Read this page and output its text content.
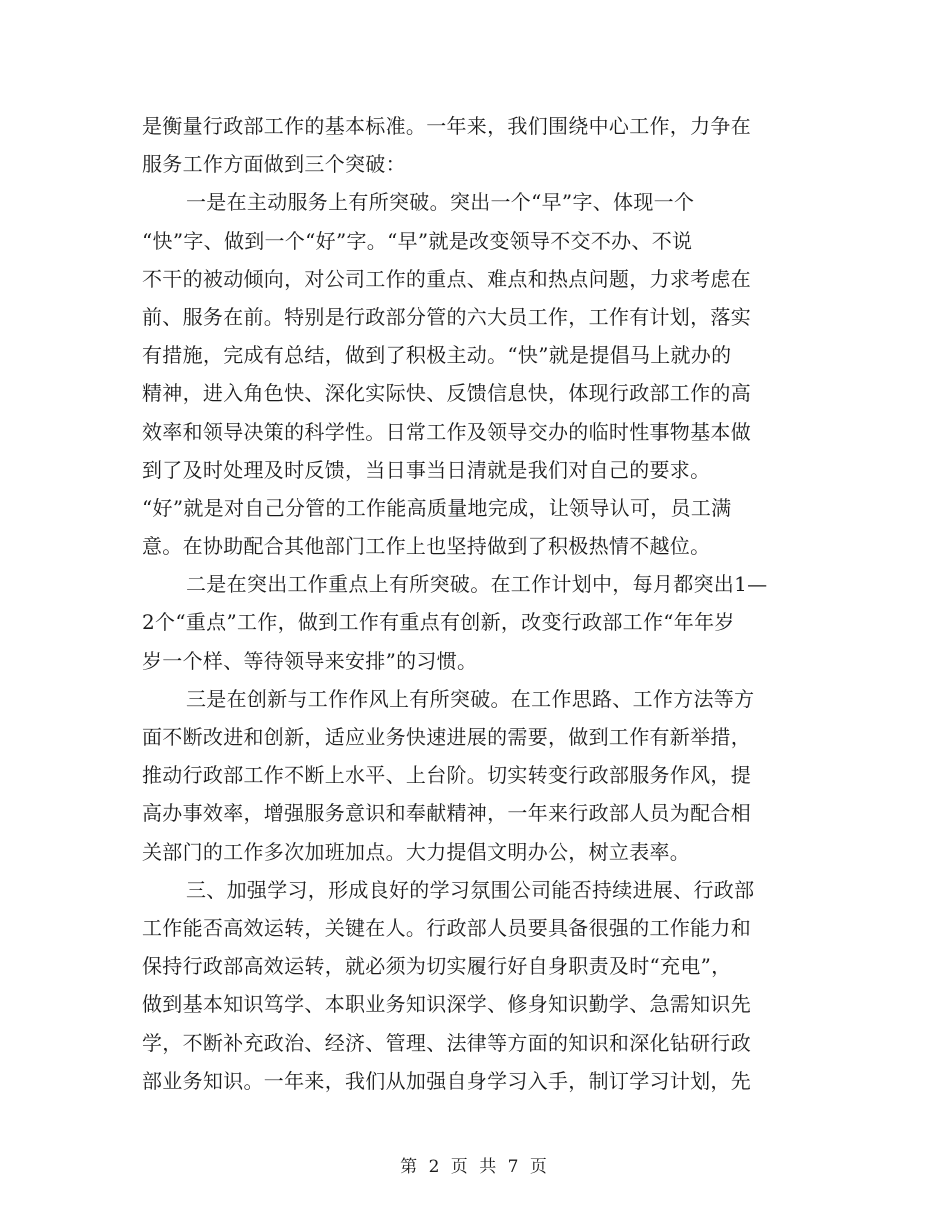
是衡量行政部工作的基本标准。一年来，我们围绕中心工作，力争在
服务工作方面做到三个突破：
一是在主动服务上有所突破。突出一个“早”字、体现一个
“快”字、做到一个“好”字。“早”就是改变领导不交不办、不说
不干的被动倾向，对公司工作的重点、难点和热点问题，力求考虑在
前、服务在前。特别是行政部分管的六大员工作，工作有计划，落实
有措施，完成有总结，做到了积极主动。“快”就是提倡马上就办的
精神，进入角色快、深化实际快、反馈信息快，体现行政部工作的高
效率和领导决策的科学性。日常工作及领导交办的临时性事物基本做
到了及时处理及时反馈，当日事当日清就是我们对自己的要求。
“好”就是对自己分管的工作能高质量地完成，让领导认可，员工满
意。在协助配合其他部门工作上也坚持做到了积极热情不越位。
二是在突出工作重点上有所突破。在工作计划中，每月都突出1—
2个“重点”工作，做到工作有重点有创新，改变行政部工作“年年岁
岁一个样、等待领导来安排”的习惯。
三是在创新与工作作风上有所突破。在工作思路、工作方法等方
面不断改进和创新，适应业务快速进展的需要，做到工作有新举措，
推动行政部工作不断上水平、上台阶。切实转变行政部服务作风，提
高办事效率，增强服务意识和奉献精神，一年来行政部人员为配合相
关部门的工作多次加班加点。大力提倡文明办公，树立表率。
三、加强学习，形成良好的学习氛围公司能否持续进展、行政部
工作能否高效运转，关键在人。行政部人员要具备很强的工作能力和
保持行政部高效运转，就必须为切实履行好自身职责及时“充电”，
做到基本知识笃学、本职业务知识深学、修身知识勤学、急需知识先
学，不断补充政治、经济、管理、法律等方面的知识和深化钻研行政
部业务知识。一年来，我们从加强自身学习入手，制订学习计划，先
第 2 页 共 7 页
